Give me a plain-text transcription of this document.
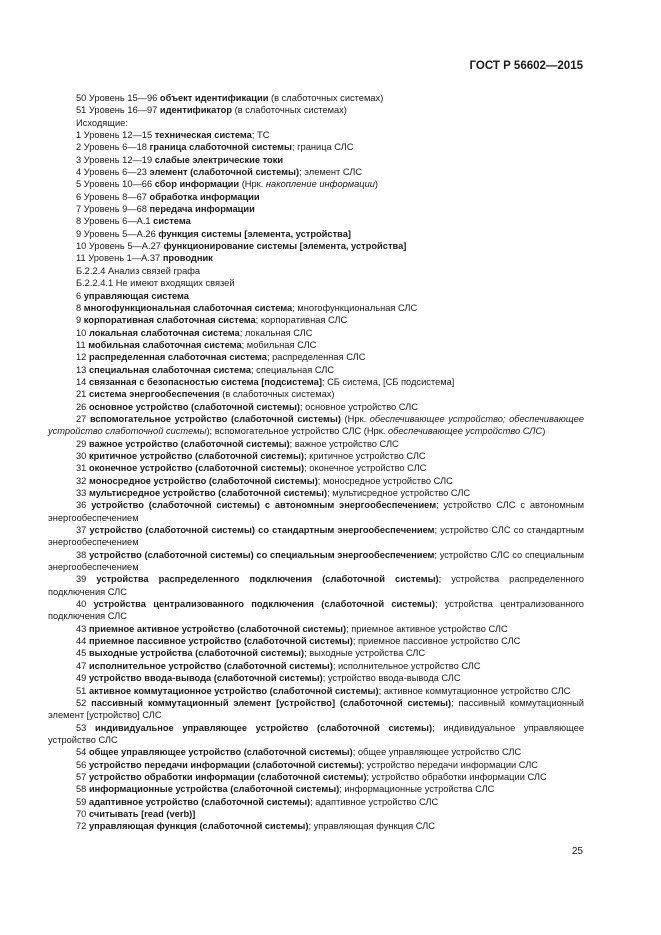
ГОСТ Р 56602—2015
50 Уровень 15—96 объект идентификации (в слаботочных системах)
51 Уровень 16—97 идентификатор (в слаботочных системах)
Исходящие:
1 Уровень 12—15 техническая система; ТС
2 Уровень 6—18 граница слаботочной системы; граница СЛС
3 Уровень 12—19 слабые электрические токи
4 Уровень 6—23 элемент (слаботочной системы); элемент СЛС
5 Уровень 10—66 сбор информации (Нрк. накопление информации)
6 Уровень 8—67 обработка информации
7 Уровень 9—68 передача информации
8 Уровень 6—А.1 система
9 Уровень 5—А.26 функция системы [элемента, устройства]
10 Уровень 5—А.27 функционирование системы [элемента, устройства]
11 Уровень 1—А.37 проводник
Б.2.2.4 Анализ связей графа
Б.2.2.4.1 Не имеют входящих связей
6 управляющая система
8 многофункциональная слаботочная система; многофункциональная СЛС
9 корпоративная слаботочная система; корпоративная СЛС
10 локальная слаботочная система; локальная СЛС
11 мобильная слаботочная система; мобильная СЛС
12 распределенная слаботочная система; распределенная СЛС
13 специальная слаботочная система; специальная СЛС
14 связанная с безопасностью система [подсистема]; СБ система, [СБ подсистема]
21 система энергообеспечения (в слаботочных системах)
26 основное устройство (слаботочной системы); основное устройство СЛС
27 вспомогательное устройство (слаботочной системы) (Нрк. обеспечивающее устройство; обеспечивающее устройство слаботочной системы); вспомогательное устройство СЛС (Нрк. обеспечивающее устройство СЛС)
29 важное устройство (слаботочной системы); важное устройство СЛС
30 критичное устройство (слаботочной системы); критичное устройство СЛС
31 оконечное устройство (слаботочной системы); оконечное устройство СЛС
32 моносредное устройство (слаботочной системы); моносредное устройство СЛС
33 мультисредное устройство (слаботочной системы); мультисредное устройство СЛС
36 устройство (слаботочной системы) с автономным энергообеспечением; устройство СЛС с автономным энергообеспечением
37 устройство (слаботочной системы) со стандартным энергообеспечением; устройство СЛС со стандартным энергообеспечением
38 устройство (слаботочной системы) со специальным энергообеспечением; устройство СЛС со специальным энергообеспечением
39 устройства распределенного подключения (слаботочной системы); устройства распределенного подключения СЛС
40 устройства централизованного подключения (слаботочной системы); устройства централизованного подключения СЛС
43 приемное активное устройство (слаботочной системы); приемное активное устройство СЛС
44 приемное пассивное устройство (слаботочной системы); приемное пассивное устройство СЛС
45 выходные устройства (слаботочной системы); выходные устройства СЛС
47 исполнительное устройство (слаботочной системы); исполнительное устройство СЛС
49 устройство ввода-вывода (слаботочной системы); устройство ввода-вывода СЛС
51 активное коммутационное устройство (слаботочной системы); активное коммутационное устройство СЛС
52 пассивный коммутационный элемент [устройство] (слаботочной системы); пассивный коммутационный элемент [устройство] СЛС
53 индивидуальное управляющее устройство (слаботочной системы); индивидуальное управляющее устройство СЛС
54 общее управляющее устройство (слаботочной системы); общее управляющее устройство СЛС
56 устройство передачи информации (слаботочной системы); устройство передачи информации СЛС
57 устройство обработки информации (слаботочной системы); устройство обработки информации СЛС
58 информационные устройства (слаботочной системы); информационные устройства СЛС
59 адаптивное устройство (слаботочной системы); адаптивное устройство СЛС
70 считывать [read (verb)]
72 управляющая функция (слаботочной системы); управляющая функция СЛС
25
